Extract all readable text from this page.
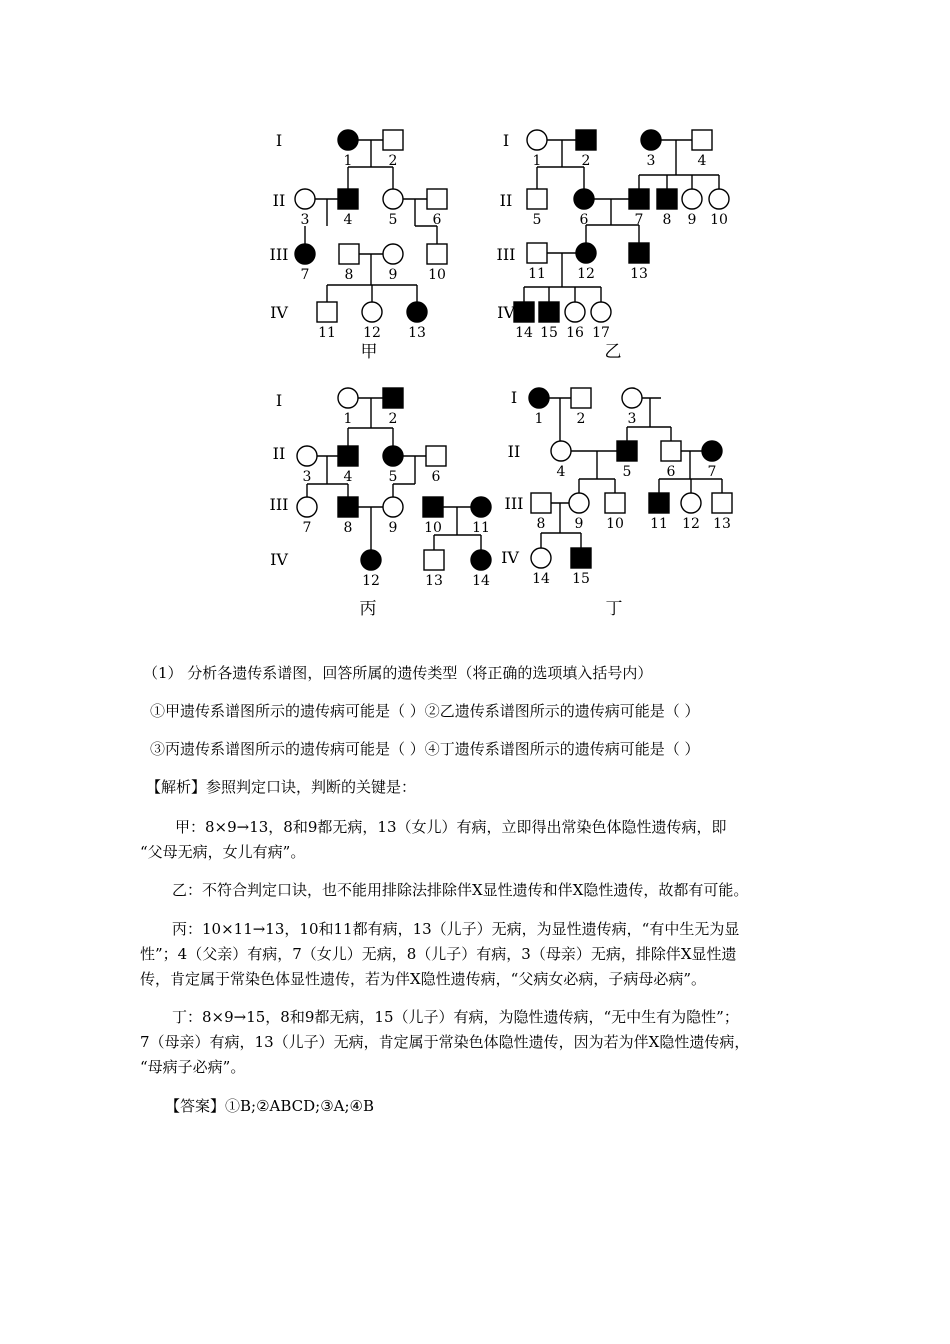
1	2
3 4	5	6
7	8	9 10
11 12 13
甲
I
II
III
IV
1	2	3	4
5	6	7 8 9 10
11 12	13
14 15 16 17
乙
I
II
III
IV
1	2
3 4	5 6
7 8	9 10 11
12	13 14
丙
I
II
III
IV
1 2	3
4	5	6 7
8 9 10 11 12 13
14 15
丁
I
II
III
IV
（1） 分析各遗传系谱图，回答所属的遗传类型（将正确的选项填入括号内）
①甲遗传系谱图所示的遗传病可能是（ ）②乙遗传系谱图所示的遗传病可能是（ ）
③丙遗传系谱图所示的遗传病可能是（ ）④丁遗传系谱图所示的遗传病可能是（ ）
【解析】参照判定口诀，判断的关键是：
甲：8×9→13，8和9都无病，13（女儿）有病，立即得出常染色体隐性遗传病，即
“父母无病，女儿有病”。
乙：不符合判定口诀，也不能用排除法排除伴X显性遗传和伴X隐性遗传，故都有可能。
丙：10×11→13，10和11都有病，13（儿子）无病，为显性遗传病，“有中生无为显
性”；4（父亲）有病，7（女儿）无病，8（儿子）有病，3（母亲）无病，排除伴X显性遗
传，肯定属于常染色体显性遗传，若为伴X隐性遗传病，“父病女必病，子病母必病”。
丁：8×9→15，8和9都无病，15（儿子）有病，为隐性遗传病，“无中生有为隐性”；
7（母亲）有病，13（儿子）无病，肯定属于常染色体隐性遗传，因为若为伴X隐性遗传病，
“母病子必病”。
【答案】①B;②ABCD;③A;④B
